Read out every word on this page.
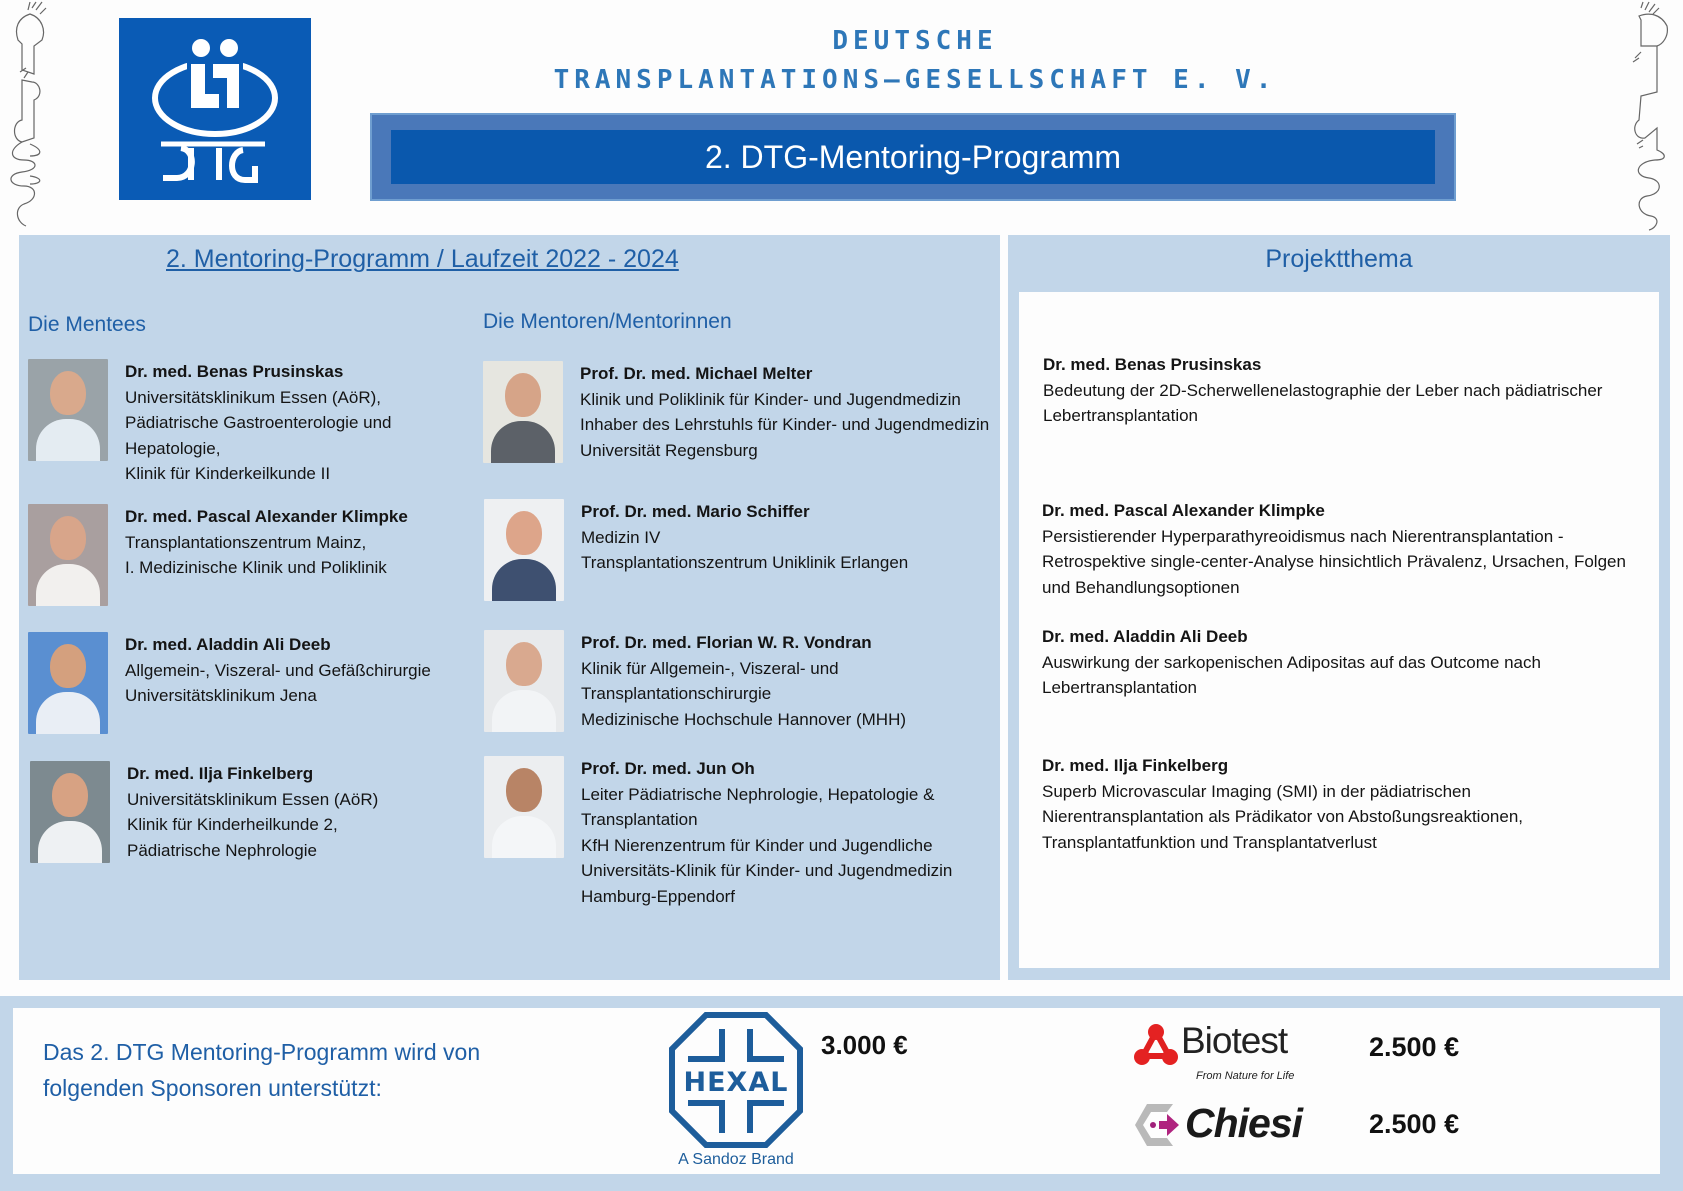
DEUTSCHE
TRANSPLANTATIONS–GESELLSCHAFT E. V.
2. DTG-Mentoring-Programm
2. Mentoring-Programm / Laufzeit 2022 - 2024
Die Mentees	Die Mentoren/Mentorinnen
Dr. med. Benas Prusinskas
Universitätsklinikum Essen (AöR),
Pädiatrische Gastroenterologie und
Hepatologie,
Klinik für Kinderkeilkunde II
Dr. med. Pascal Alexander Klimpke
Transplantationszentrum Mainz,
I. Medizinische Klinik und Poliklinik
Dr. med. Aladdin Ali Deeb
Allgemein-, Viszeral- und Gefäßchirurgie
Universitätsklinikum Jena
Dr. med. Ilja Finkelberg
Universitätsklinikum Essen (AöR)
Klinik für Kinderheilkunde 2,
Pädiatrische Nephrologie
Prof. Dr. med. Michael Melter
Klinik und Poliklinik für Kinder- und Jugendmedizin
Inhaber des Lehrstuhls für Kinder- und Jugendmedizin
Universität Regensburg
Prof. Dr. med. Mario Schiffer
Medizin IV
Transplantationszentrum Uniklinik Erlangen
Prof. Dr. med. Florian W. R. Vondran
Klinik für Allgemein-, Viszeral- und
Transplantationschirurgie
Medizinische Hochschule Hannover (MHH)
Prof. Dr. med. Jun Oh
Leiter Pädiatrische Nephrologie, Hepatologie &
Transplantation
KfH Nierenzentrum für Kinder und Jugendliche
Universitäts-Klinik für Kinder- und Jugendmedizin
Hamburg-Eppendorf
Projektthema
Dr. med. Benas Prusinskas
Bedeutung der 2D-Scherwellenelastographie der Leber nach pädiatrischer
Lebertransplantation
Dr. med. Pascal Alexander Klimpke
Persistierender Hyperparathyreoidismus nach Nierentransplantation -
Retrospektive single-center-Analyse hinsichtlich Prävalenz, Ursachen, Folgen
und Behandlungsoptionen
Dr. med. Aladdin Ali Deeb
Auswirkung der sarkopenischen Adipositas auf das Outcome nach
Lebertransplantation
Dr. med. Ilja Finkelberg
Superb Microvascular Imaging (SMI) in der pädiatrischen
Nierentransplantation als Prädikator von Abstoßungsreaktionen,
Transplantatfunktion und Transplantatverlust
Das 2. DTG Mentoring-Programm wird von
folgenden Sponsoren unterstützt:	HEXAL
A Sandoz Brand
3.000 €	Biotest
From Nature for Life
2.500 €
Chiesi 2.500 €
